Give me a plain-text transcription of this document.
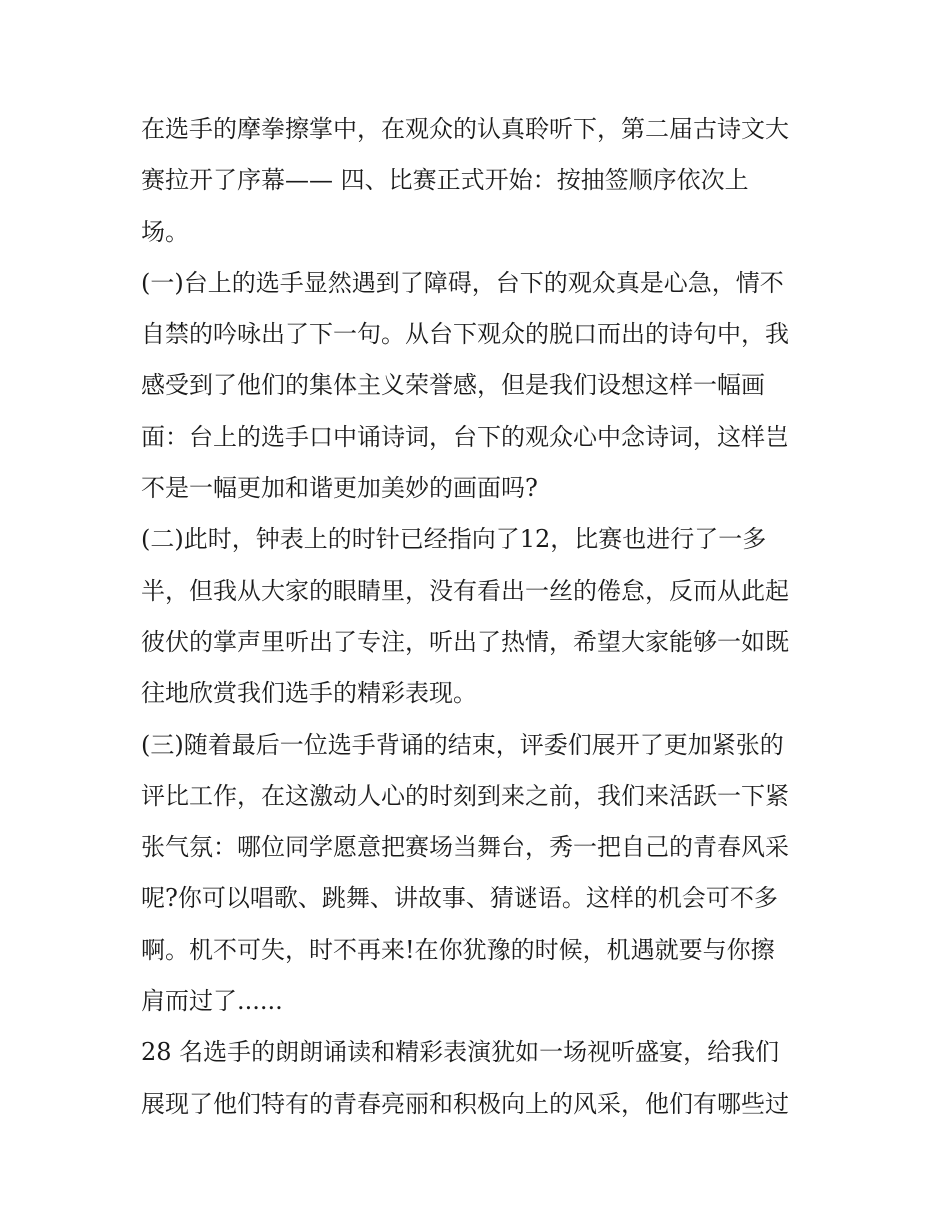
在选手的摩拳擦掌中，在观众的认真聆听下，第二届古诗文大
赛拉开了序幕—— 四、比赛正式开始：按抽签顺序依次上
场。

(一)台上的选手显然遇到了障碍，台下的观众真是心急，情不
自禁的吟咏出了下一句。从台下观众的脱口而出的诗句中，我
感受到了他们的集体主义荣誉感，但是我们设想这样一幅画
面：台上的选手口中诵诗词，台下的观众心中念诗词，这样岂
不是一幅更加和谐更加美妙的画面吗?

(二)此时，钟表上的时针已经指向了12，比赛也进行了一多
半，但我从大家的眼睛里，没有看出一丝的倦怠，反而从此起
彼伏的掌声里听出了专注，听出了热情，希望大家能够一如既
往地欣赏我们选手的精彩表现。

(三)随着最后一位选手背诵的结束，评委们展开了更加紧张的
评比工作，在这激动人心的时刻到来之前，我们来活跃一下紧
张气氛：哪位同学愿意把赛场当舞台，秀一把自己的青春风采
呢?你可以唱歌、跳舞、讲故事、猜谜语。这样的机会可不多
啊。机不可失，时不再来!在你犹豫的时候，机遇就要与你擦
肩而过了......

28 名选手的朗朗诵读和精彩表演犹如一场视听盛宴，给我们
展现了他们特有的青春亮丽和积极向上的风采，他们有哪些过
